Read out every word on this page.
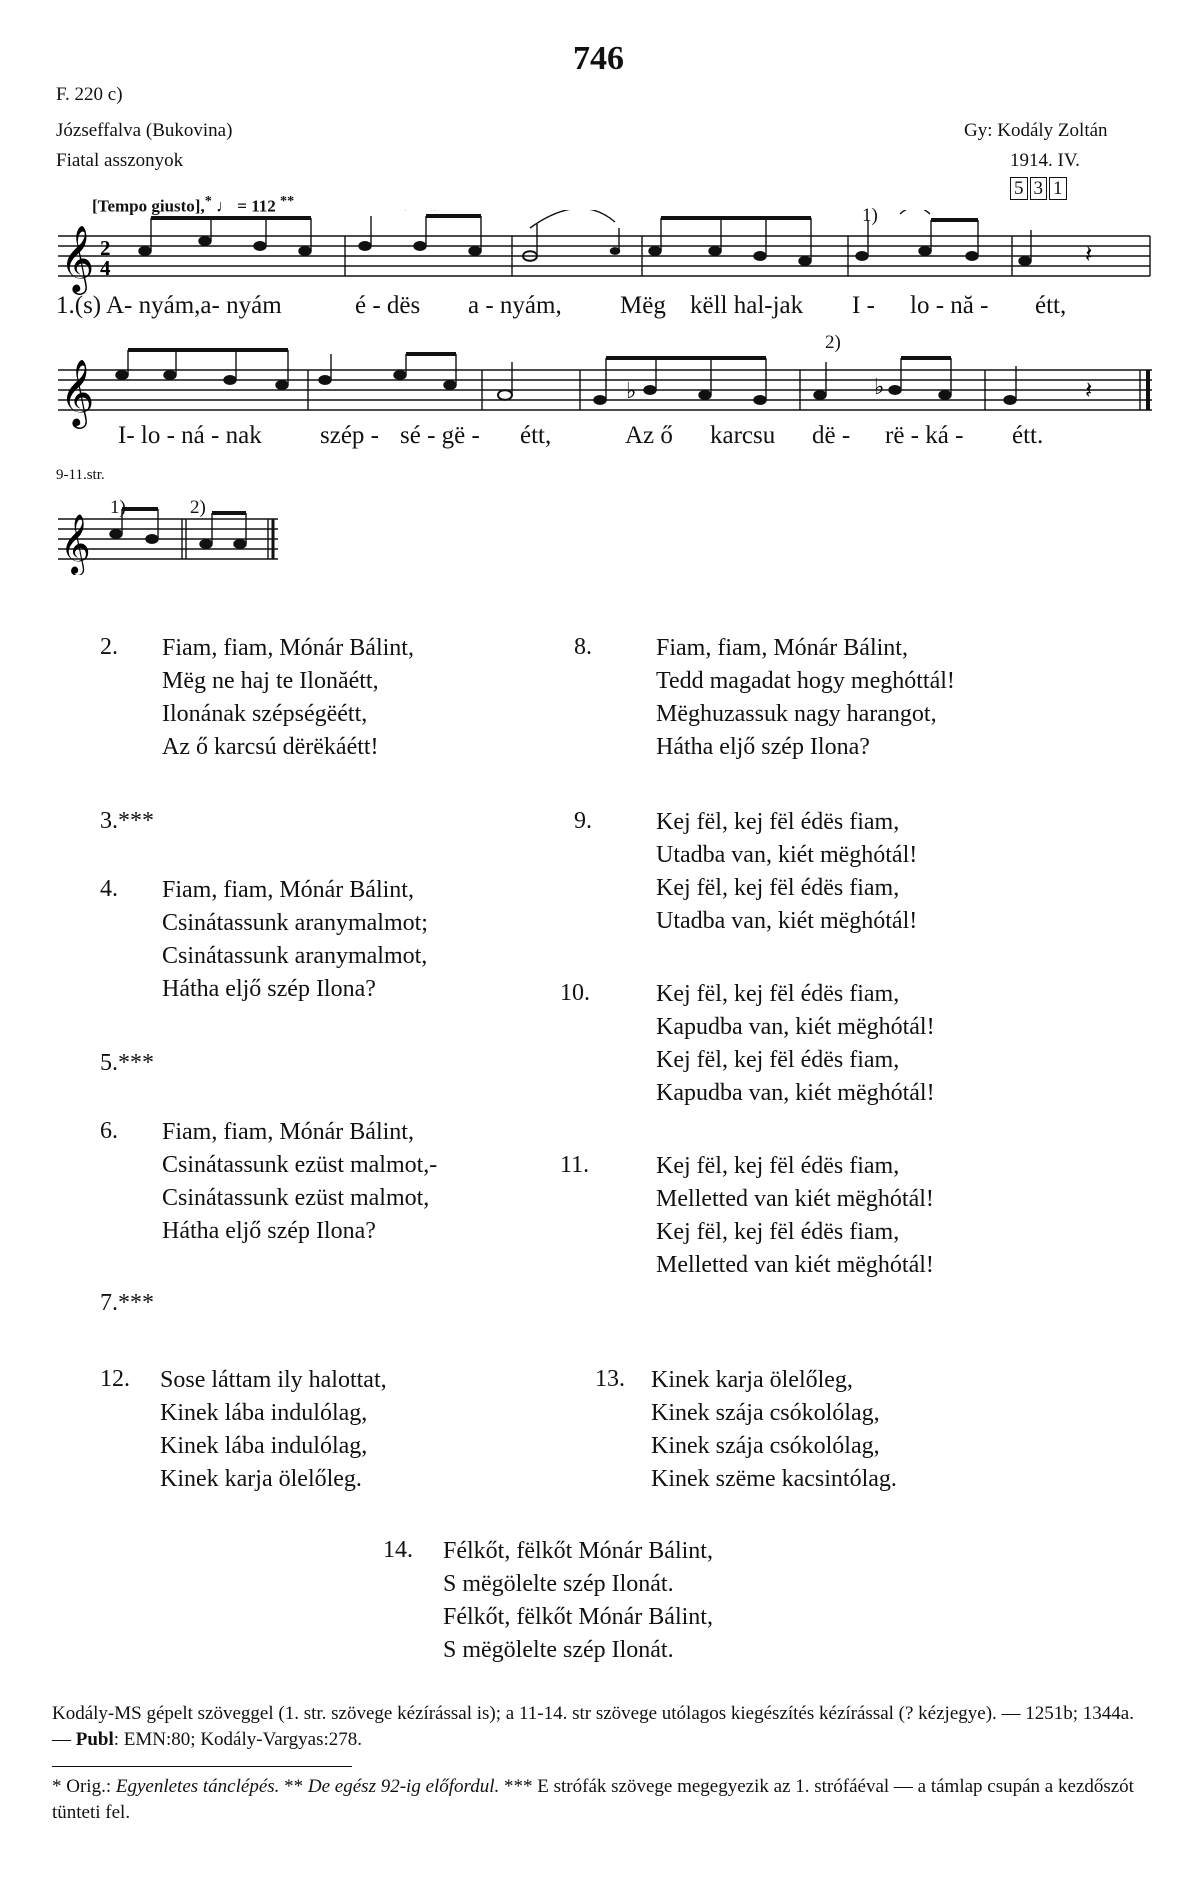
746
F. 220 c)
Józseffalva (Bukovina)
Fiatal asszonyok
Gy: Kodály Zoltán
1914. IV.
5 3 1
[Tempo giusto],* ♩ = 112 **
𝄞 2
4	𝄽
1)
1.(s) A- nyám,a- nyám	é - dës a - nyám, Mëg këll hal-jak I - lo - nă - étt,
2)
𝄞	♭	♭	𝄽
I- lo - ná - nak szép - sé - gë - étt,	Az ő karcsu dë - rë - ká - étt.
9-11.str.
1)	2)
𝄞
2. Fiam, fiam, Mónár Bálint,
Mëg ne haj te Ilonăétt,
Ilonának szépségëétt,
Az ő karcsú dërëkáétt!
3.***
4. Fiam, fiam, Mónár Bálint,
Csinátassunk aranymalmot;
Csinátassunk aranymalmot,
Hátha eljő szép Ilona?
5.***
6. Fiam, fiam, Mónár Bálint,
Csinátassunk ezüst malmot,-
Csinátassunk ezüst malmot,
Hátha eljő szép Ilona?
7.***
8.	Fiam, fiam, Mónár Bálint,
Tedd magadat hogy meghóttál!
Mëghuzassuk nagy harangot,
Hátha eljő szép Ilona?
9.	Kej fël, kej fël édës fiam,
Utadba van, kiét mëghótál!
Kej fël, kej fël édës fiam,
Utadba van, kiét mëghótál!
10.	Kej fël, kej fël édës fiam,
Kapudba van, kiét mëghótál!
Kej fël, kej fël édës fiam,
Kapudba van, kiét mëghótál!
11.	Kej fël, kej fël édës fiam,
Melletted van kiét mëghótál!
Kej fël, kej fël édës fiam,
Melletted van kiét mëghótál!
12. Sose láttam ily halottat,
Kinek lába indulólag,
Kinek lába indulólag,
Kinek karja ölelőleg.
13. Kinek karja ölelőleg,
Kinek szája csókolólag,
Kinek szája csókolólag,
Kinek szëme kacsintólag.
14. Félkőt, fëlkőt Mónár Bálint,
S mëgölelte szép Ilonát.
Félkőt, fëlkőt Mónár Bálint,
S mëgölelte szép Ilonát.
Kodály-MS gépelt szöveggel (1. str. szövege kézírással is); a 11-14. str szövege utólagos kiegészítés kézírással (? kézjegye). — 1251b; 1344a. — Publ: EMN:80; Kodály-Vargyas:278.
* Orig.: Egyenletes tánclépés. ** De egész 92-ig előfordul. *** E strófák szövege megegyezik az 1. strófáéval — a támlap csupán a kezdőszót tünteti fel.
